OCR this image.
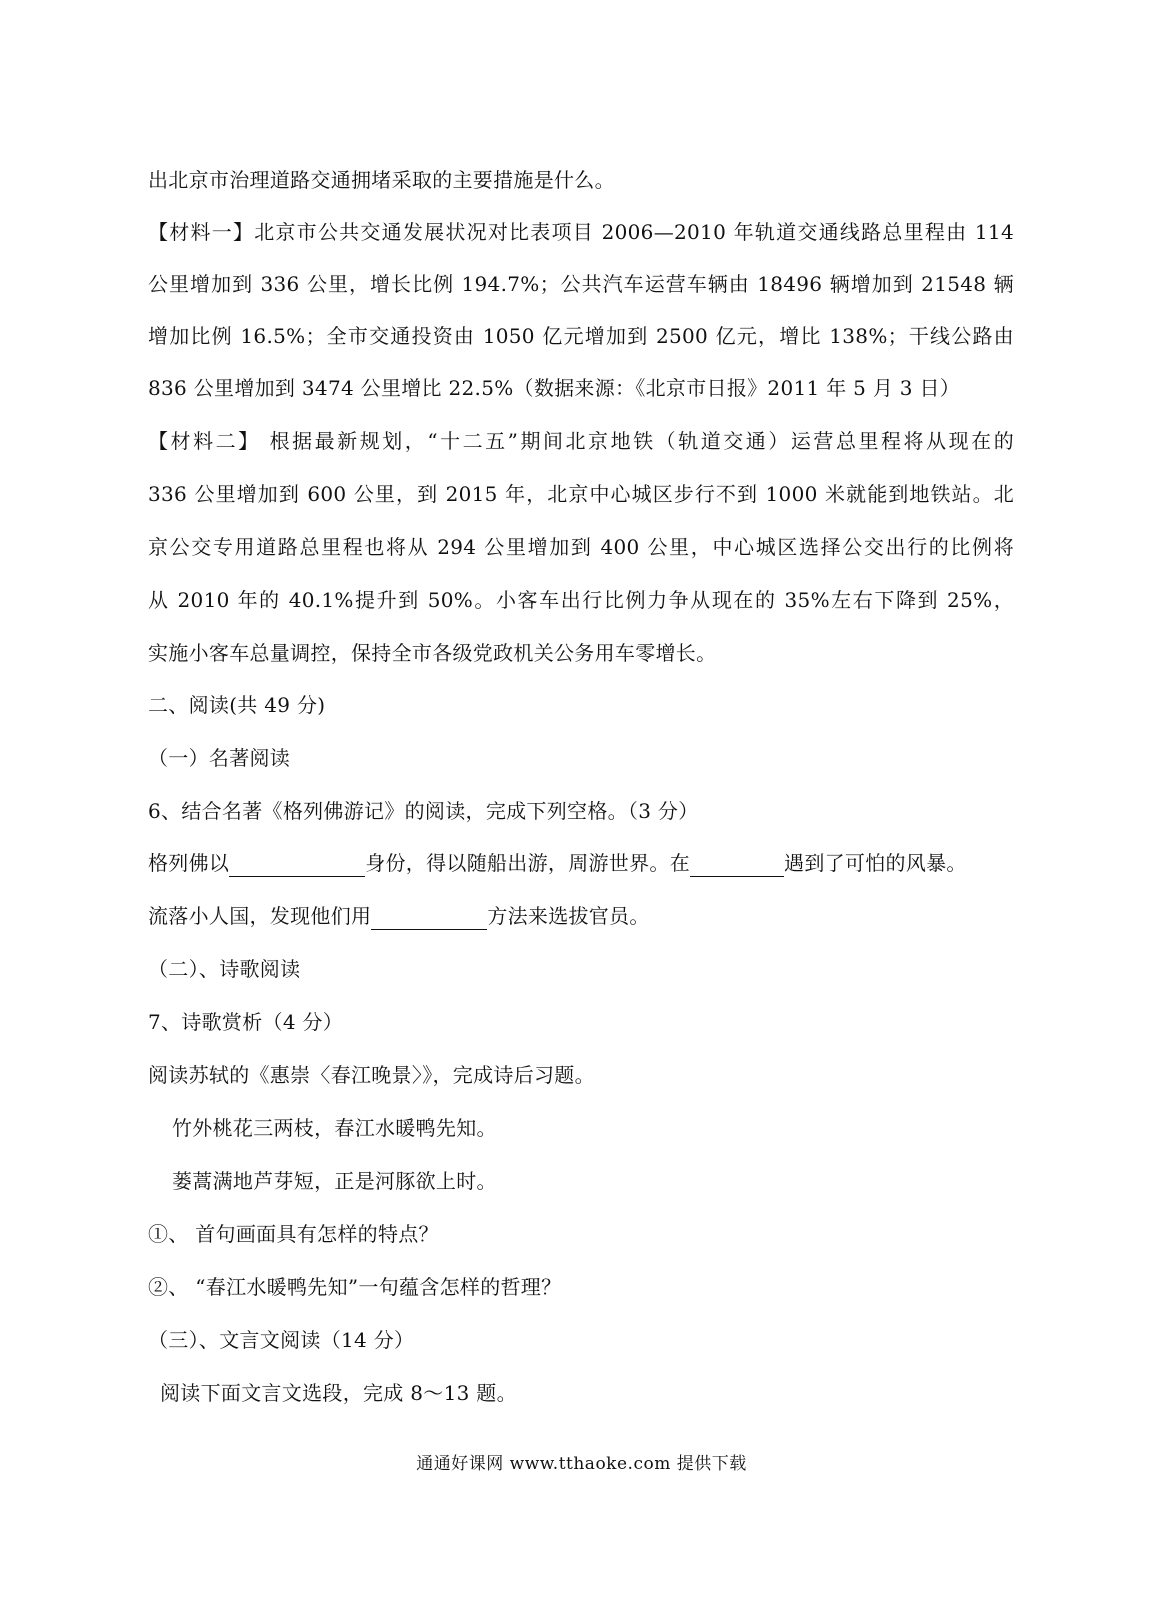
出北京市治理道路交通拥堵采取的主要措施是什么。
【材料一】北京市公共交通发展状况对比表项目 2006—2010 年轨道交通线路总里程由 114
公里增加到 336 公里，增长比例 194.7%；公共汽车运营车辆由 18496 辆增加到 21548 辆
增加比例 16.5%；全市交通投资由 1050 亿元增加到 2500 亿元，增比 138%；干线公路由
836 公里增加到 3474 公里增比 22.5%（数据来源：《北京市日报》2011 年 5 月 3 日）
【材料二】 根据最新规划，“十二五”期间北京地铁（轨道交通）运营总里程将从现在的
336 公里增加到 600 公里，到 2015 年，北京中心城区步行不到 1000 米就能到地铁站。北
京公交专用道路总里程也将从 294 公里增加到 400 公里，中心城区选择公交出行的比例将
从 2010 年的 40.1%提升到 50%。小客车出行比例力争从现在的 35%左右下降到 25%，
实施小客车总量调控，保持全市各级党政机关公务用车零增长。
二、阅读(共 49 分)
（一）名著阅读
6、结合名著《格列佛游记》的阅读，完成下列空格。（3 分）
格列佛以	身份，得以随船出游，周游世界。在	遇到了可怕的风暴。
流落小人国，发现他们用	方法来选拔官员。
（二）、诗歌阅读
7、诗歌赏析（4 分）
阅读苏轼的《惠崇〈春江晚景〉》，完成诗后习题。
竹外桃花三两枝，春江水暖鸭先知。
蒌蒿满地芦芽短，正是河豚欲上时。
①、 首句画面具有怎样的特点？
②、 “春江水暖鸭先知”一句蕴含怎样的哲理？
（三）、文言文阅读（14 分）
阅读下面文言文选段，完成 8～13 题。
通通好课网 www.tthaoke.com 提供下载
